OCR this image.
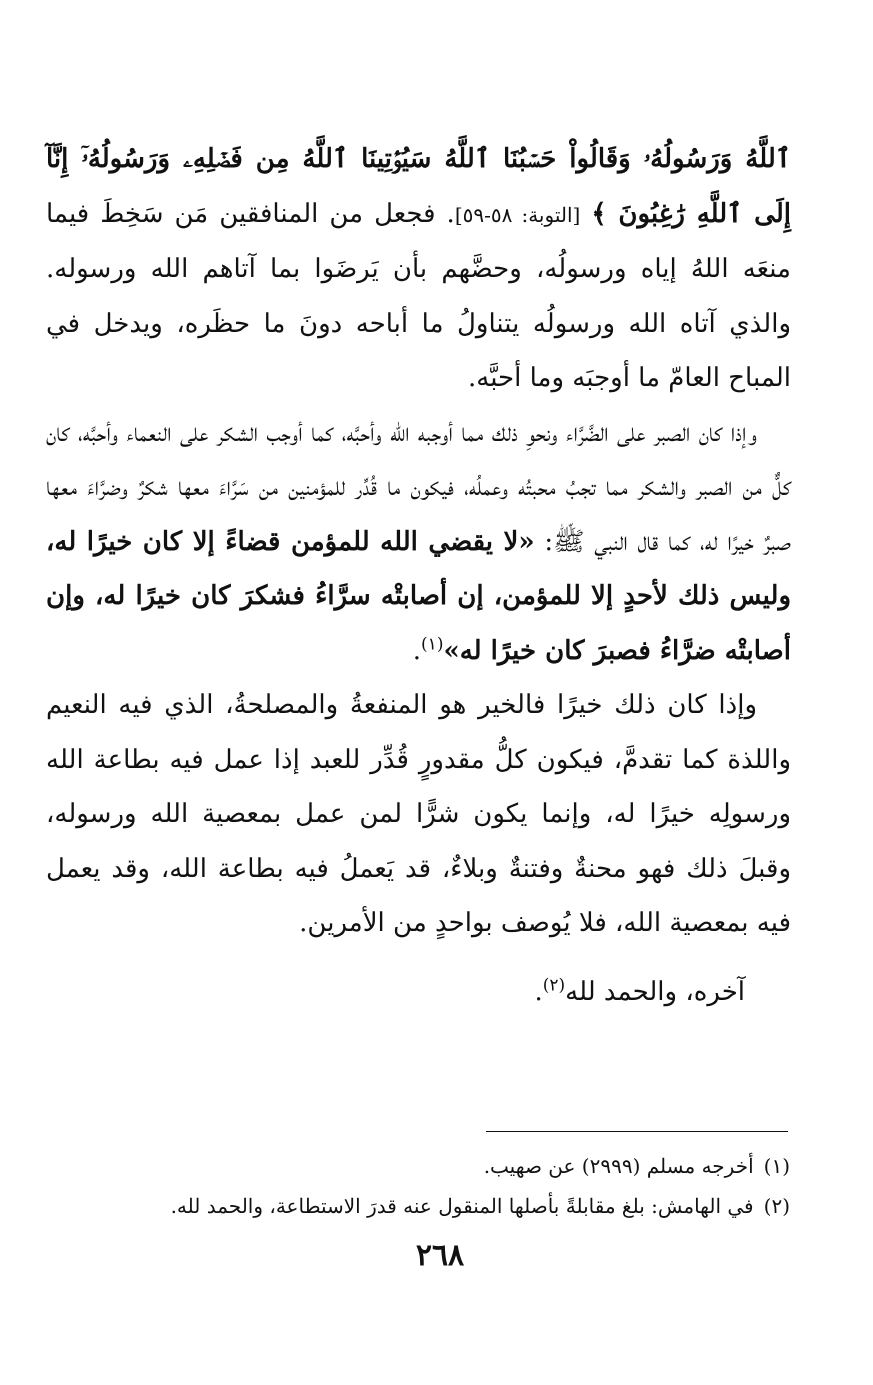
ٱللَّهُ وَرَسُولُهُۥ وَقَالُواْ حَسۡبُنَا ٱللَّهُ سَيُؤۡتِينَا ٱللَّهُ مِن فَضۡلِهِۦ وَرَسُولُهُۥٓ إِنَّآ إِلَى ٱللَّهِ رَٰغِبُونَ ﴾ [التوبة: ٥٨-٥٩]. فجعل من المنافقين مَن سَخِطَ فيما منعَه اللهُ إياه ورسولُه، وحضَّهم بأن يَرضَوا بما آتاهم الله ورسوله. والذي آتاه الله ورسولُه يتناولُ ما أباحه دونَ ما حظَره، ويدخل في المباح العامّ ما أوجبَه وما أحبَّه.

وإذا كان الصبر على الضَّرَّاء ونحوِ ذلك مما أوجبه الله وأحبَّه، كما أوجب الشكر على النعماء وأحبَّه، كان كلٌّ من الصبر والشكر مما تجبُ محبتُه وعملُه، فيكون ما قُدِّر للمؤمنين من سَرَّاءَ معها شكرٌ وضرَّاءَ معها صبرٌ خيرًا له، كما قال النبي ﷺ: «لا يقضي الله للمؤمن قضاءً إلا كان خيرًا له، وليس ذلك لأحدٍ إلا للمؤمن، إن أصابتْه سرَّاءُ فشكرَ كان خيرًا له، وإن أصابتْه ضرَّاءُ فصبرَ كان خيرًا له»$^{(١)}$.

وإذا كان ذلك خيرًا فالخير هو المنفعةُ والمصلحةُ، الذي فيه النعيم واللذة كما تقدمَّ، فيكون كلُّ مقدورٍ قُدِّر للعبد إذا عمل فيه بطاعة الله ورسولِه خيرًا له، وإنما يكون شرًّا لمن عمل بمعصية الله ورسوله، وقبلَ ذلك فهو محنةٌ وفتنةٌ وبلاءٌ، قد يَعملُ فيه بطاعة الله، وقد يعمل فيه بمعصية الله، فلا يُوصف بواحدٍ من الأمرين.

آخره، والحمد لله$^{(٢)}$.

(١)أخرجه مسلم (٢٩٩٩) عن صهيب.

(٢)في الهامش: بلغ مقابلةً بأصلها المنقول عنه قدرَ الاستطاعة، والحمد لله.

٢٦٨
